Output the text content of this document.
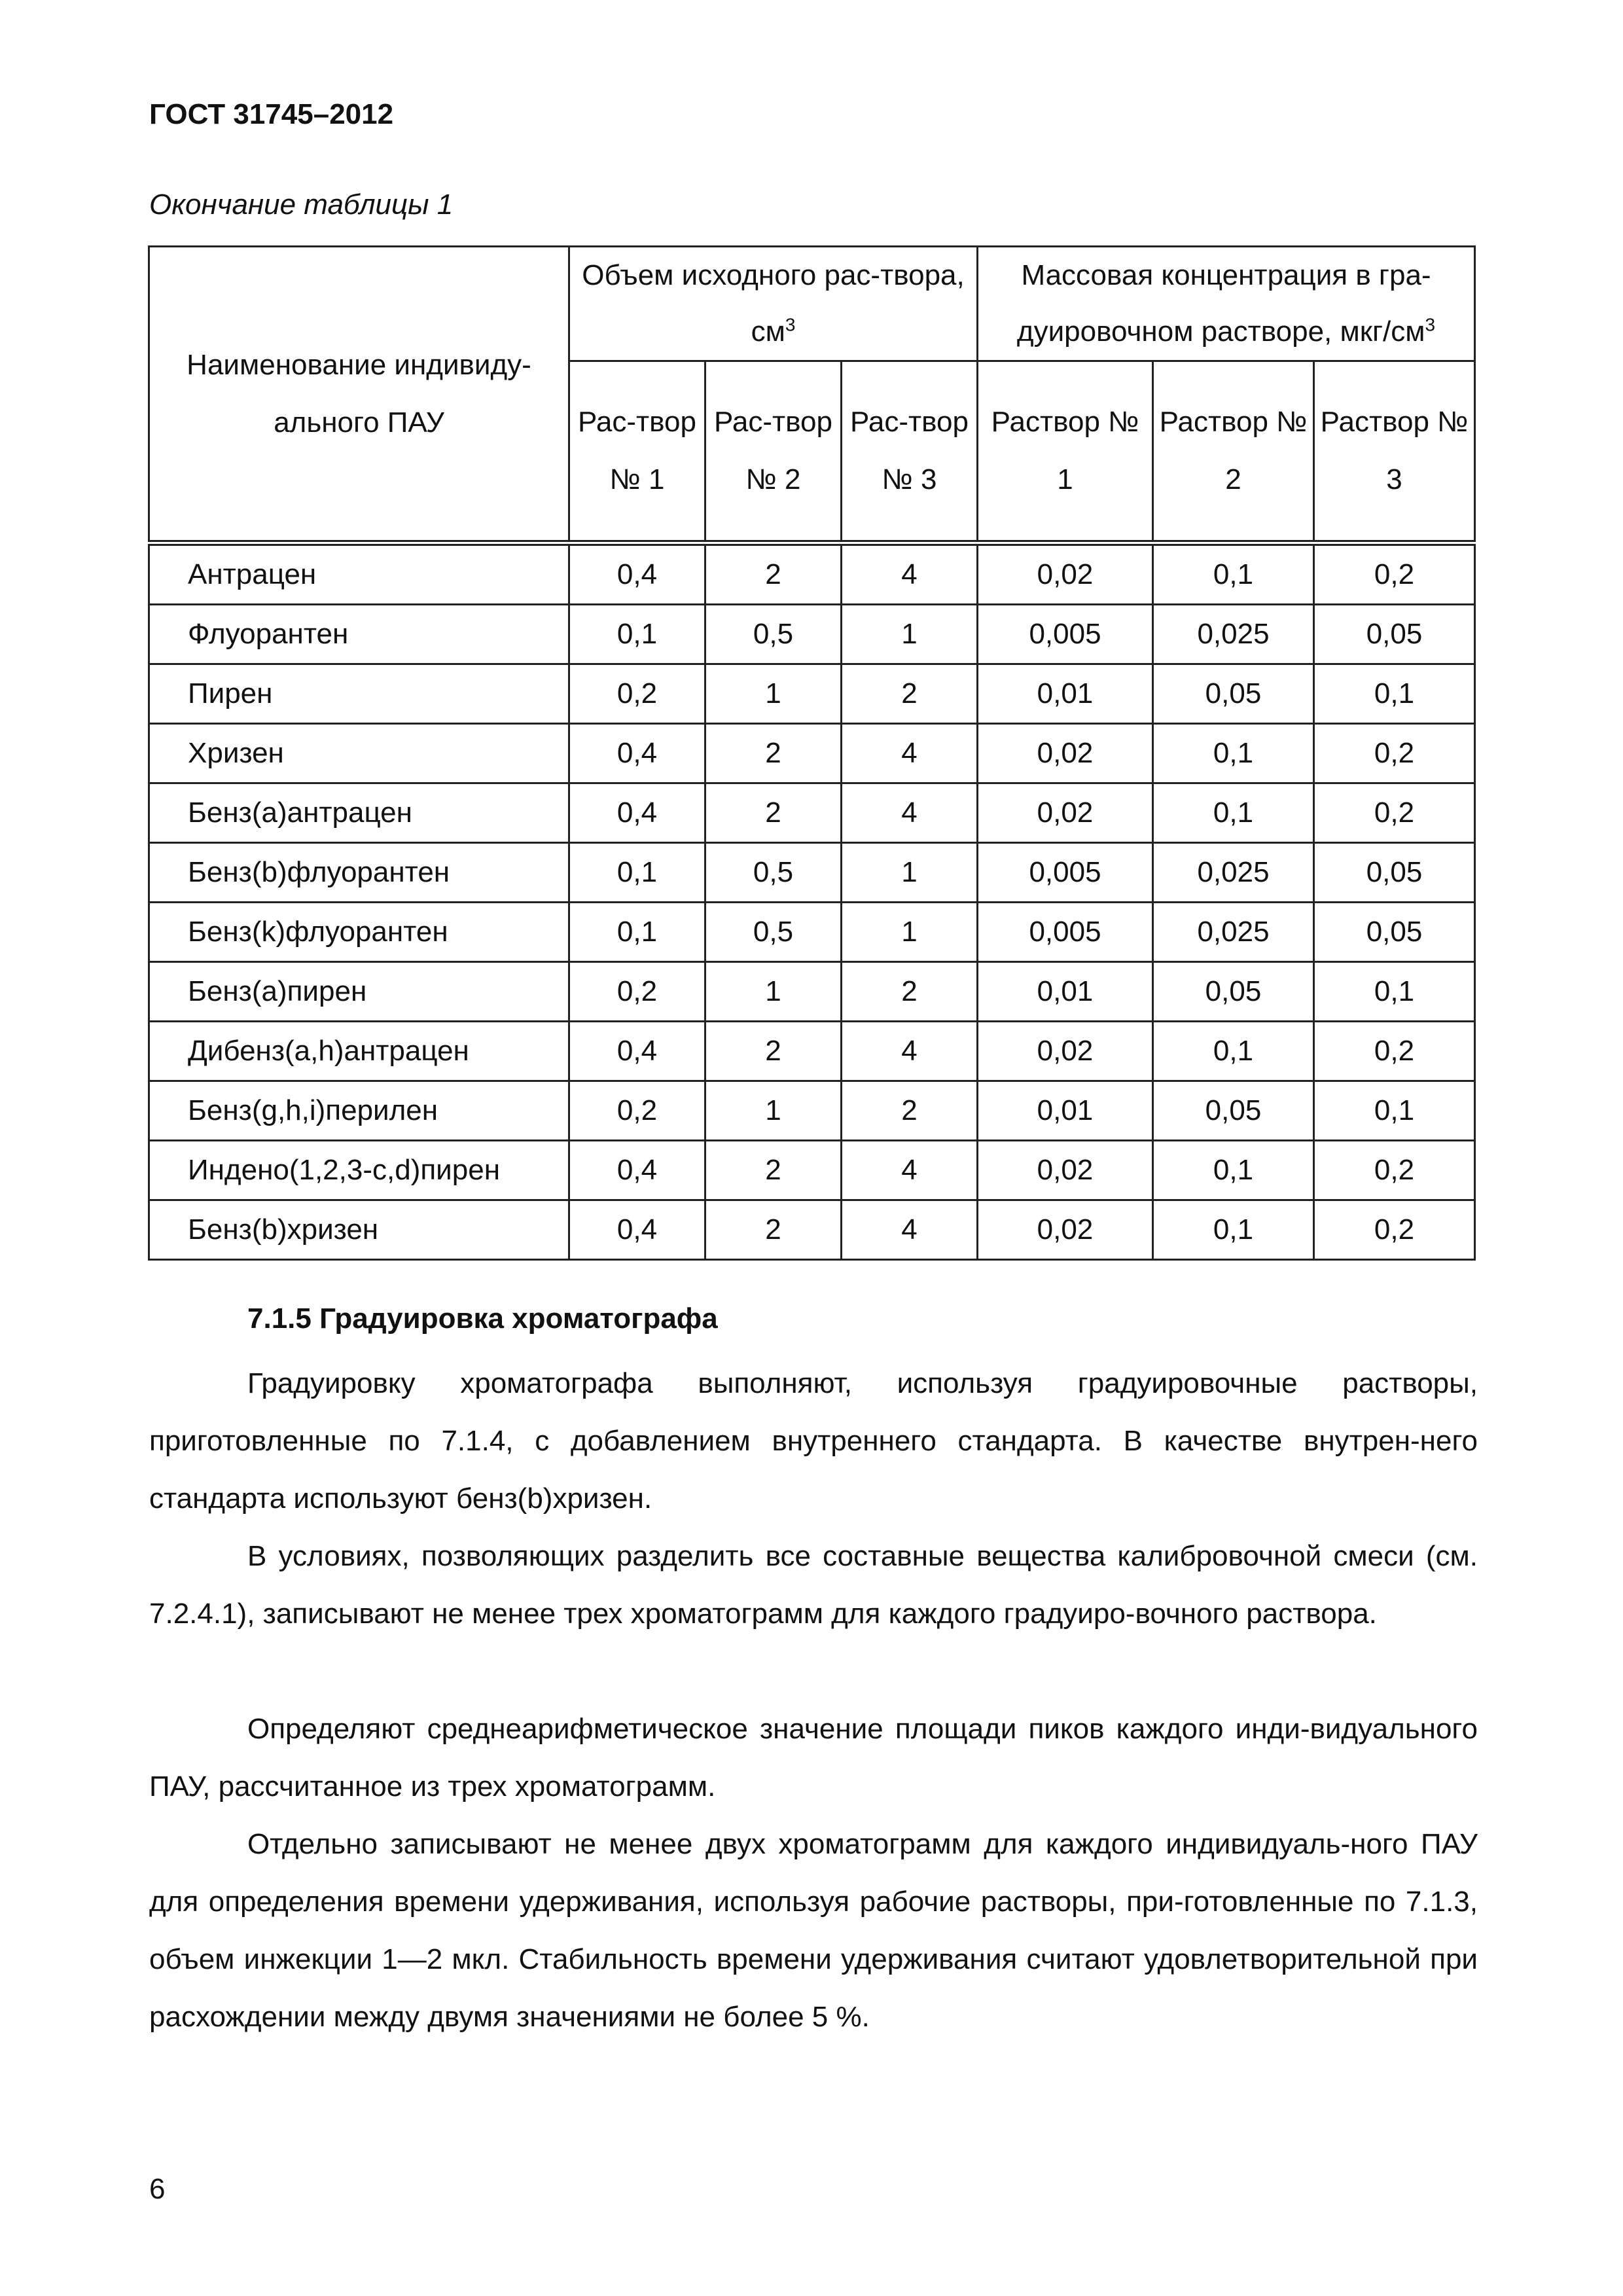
ГОСТ 31745–2012
Окончание таблицы 1
Наименование индивиду-ального ПАУ	Объем исходного рас-твора, $см^3$			Массовая концентрация в гра-дуировочном растворе, мкг/$см^3$
	Рас-твор № 1	Рас-твор № 2	Рас-твор № 3	Раствор № 1	Раствор № 2	Раствор № 3
Антрацен	0,4	2	4	0,02	0,1	0,2
Флуорантен	0,1	0,5	1	0,005	0,025	0,05
Пирен	0,2	1	2	0,01	0,05	0,1
Хризен	0,4	2	4	0,02	0,1	0,2
Бенз(а)антрацен	0,4	2	4	0,02	0,1	0,2
Бенз(b)флуорантен	0,1	0,5	1	0,005	0,025	0,05
Бенз(k)флуорантен	0,1	0,5	1	0,005	0,025	0,05
Бенз(а)пирен	0,2	1	2	0,01	0,05	0,1
Дибенз(a,h)антрацен	0,4	2	4	0,02	0,1	0,2
Бенз(g,h,i)перилен	0,2	1	2	0,01	0,05	0,1
Индено(1,2,3-c,d)пирен	0,4	2	4	0,02	0,1	0,2
Бенз(b)хризен	0,4	2	4	0,02	0,1	0,2
7.1.5 Градуировка хроматографа

Градуировку хроматографа выполняют, используя градуировочные растворы, приготовленные по 7.1.4, с добавлением внутреннего стандарта. В качестве внутрен-него стандарта используют бенз(b)хризен.

В условиях, позволяющих разделить все составные вещества калибровочной смеси (см. 7.2.4.1), записывают не менее трех хроматограмм для каждого градуиро-вочного раствора.

Определяют среднеарифметическое значение площади пиков каждого инди-видуального ПАУ, рассчитанное из трех хроматограмм.

Отдельно записывают не менее двух хроматограмм для каждого индивидуаль-ного ПАУ для определения времени удерживания, используя рабочие растворы, при-готовленные по 7.1.3, объем инжекции 1—2 мкл. Стабильность времени удерживания считают удовлетворительной при расхождении между двумя значениями не более 5 %.

6
